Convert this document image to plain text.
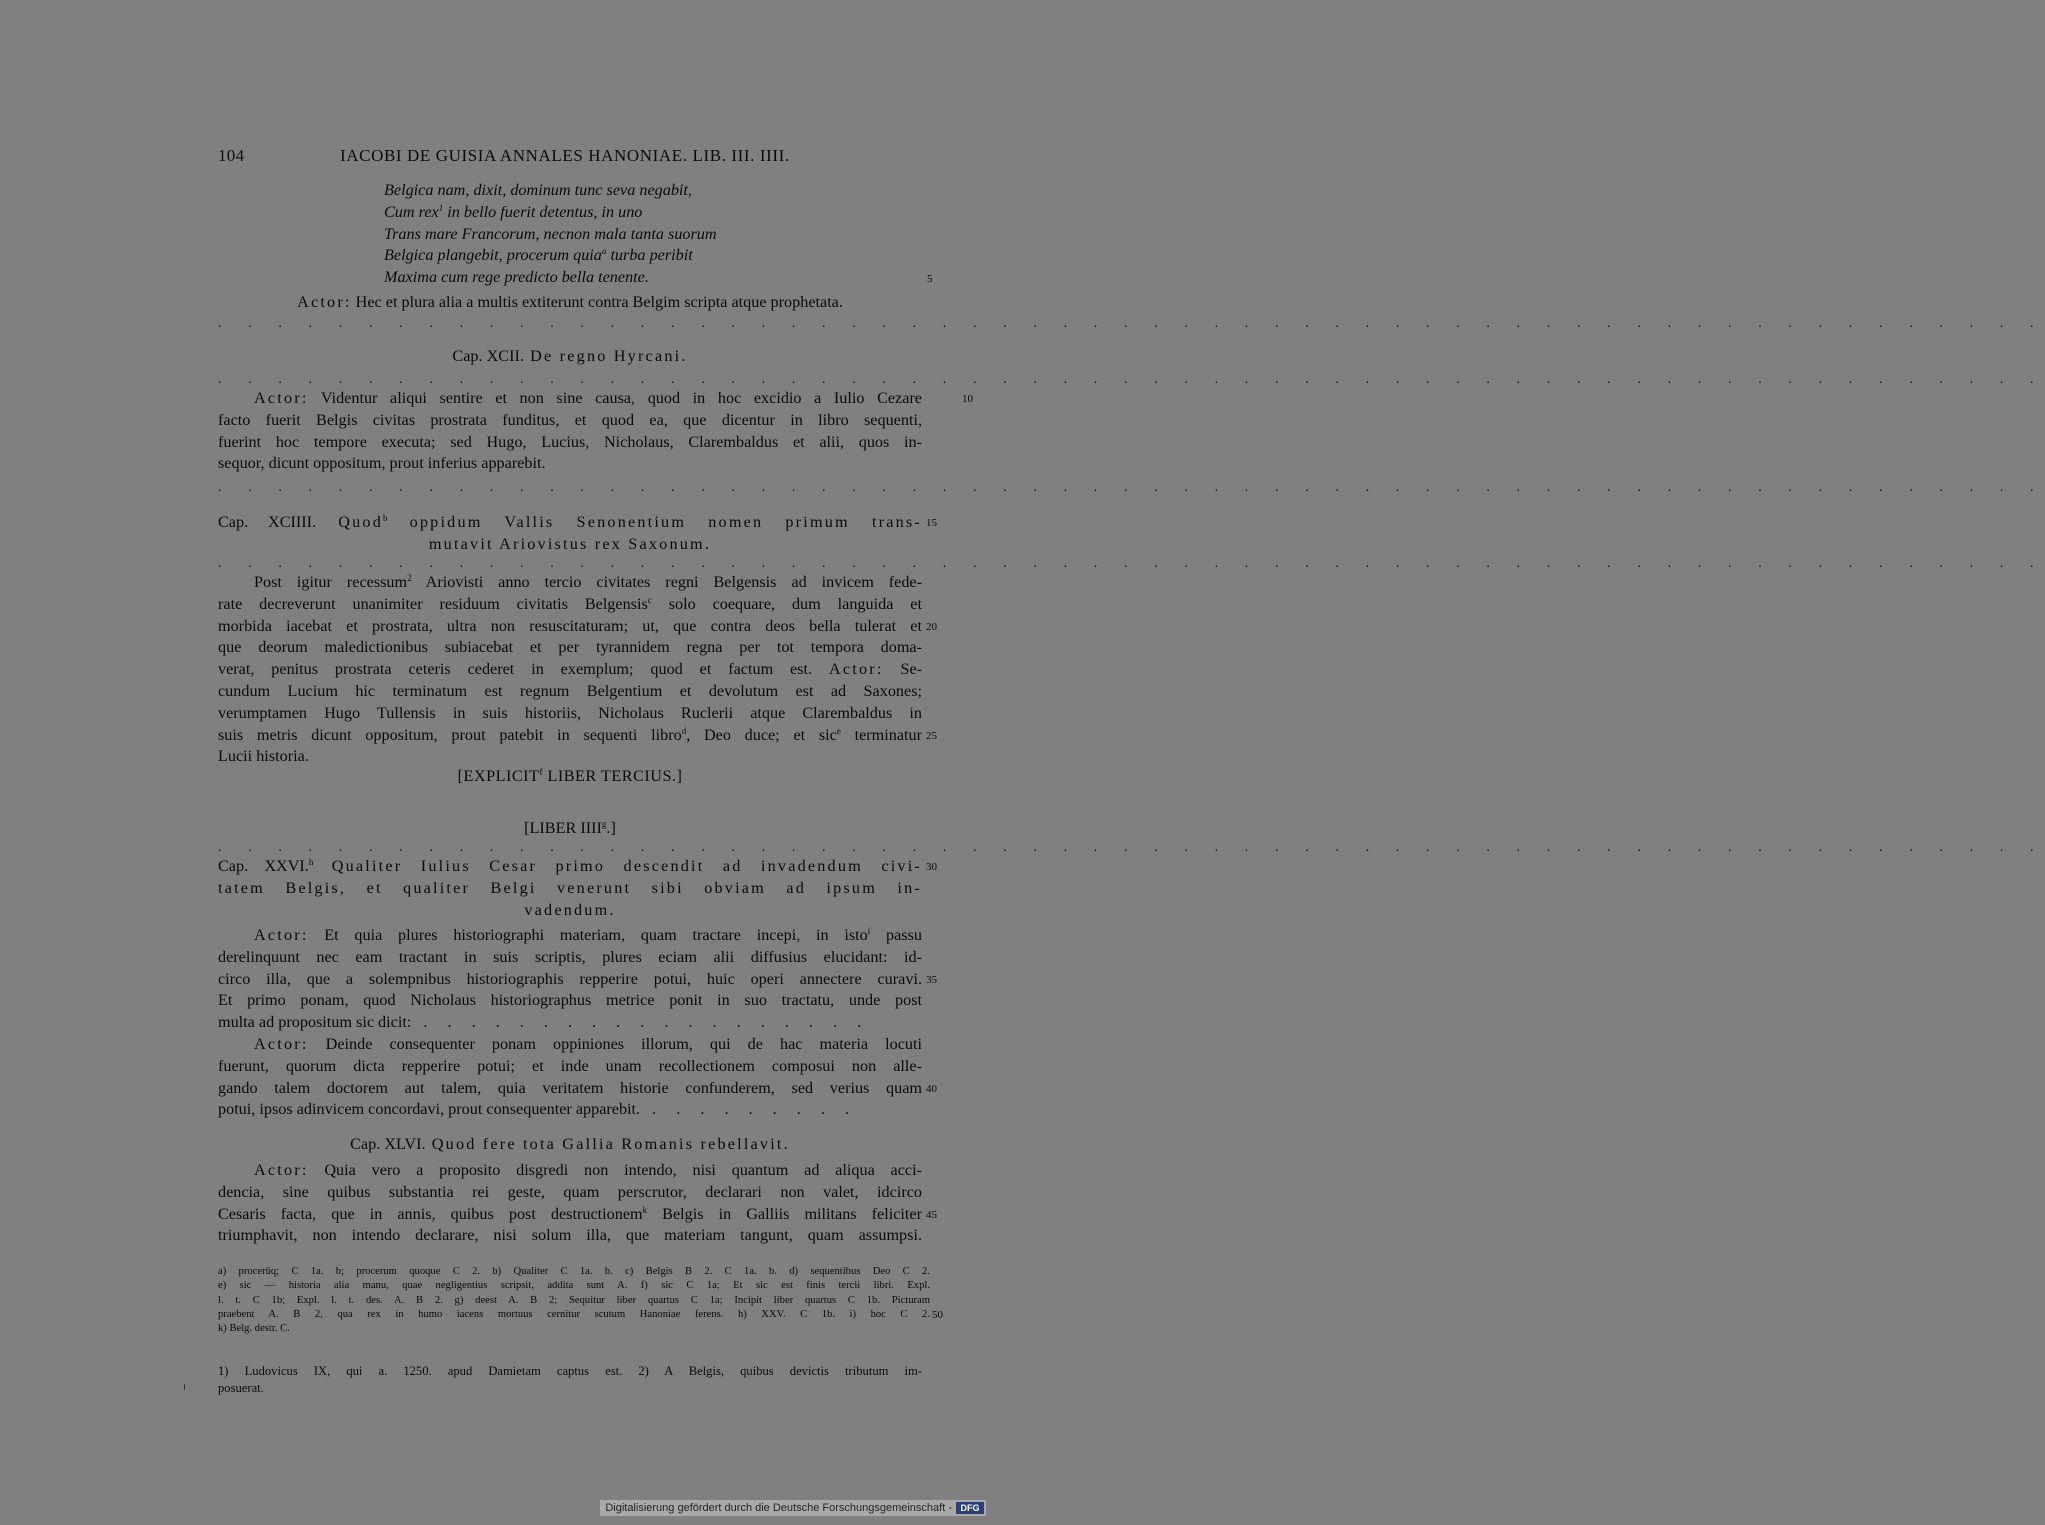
104	IACOBI DE GUISIA ANNALES HANONIAE. LIB. III. IIII.
Belgica nam, dixit, dominum tunc seva negabit,
Cum rex$^1$ in bello fuerit detentus, in uno
Trans mare Francorum, necnon mala tanta suorum
Belgica plangebit, procerum quia$^a$ turba peribit
Maxima cum rege predicto bella tenente.	5
Actor: Hec et plura alia a multis extiterunt contra Belgim scripta atque prophetata.
. . . . . . . . . . . . . . . . . . . . . . . . . . . . . . . . . . . . . . . . . . . . . . . . . . . . . . . . . . . . .
Cap. XCII. De regno Hyrcani.
. . . . . . . . . . . . . . . . . . . . . . . . . . . . . . . . . . . . . . . . . . . . . . . . . . . . . . . . . . . . .
Actor: Videntur aliqui sentire et non sine causa, quod in hoc excidio a Iulio Cezare	10
facto fuerit Belgis civitas prostrata funditus, et quod ea, que dicentur in libro sequenti,
fuerint hoc tempore executa; sed Hugo, Lucius, Nicholaus, Clarembaldus et alii, quos in-
sequor, dicunt oppositum, prout inferius apparebit.
. . . . . . . . . . . . . . . . . . . . . . . . . . . . . . . . . . . . . . . . . . . . . . . . . . . . . . . . . . . . .
Cap. XCIIII. Quod$^b$ oppidum Vallis Senonentium nomen primum trans- 15
mutavit Ariovistus rex Saxonum.
. . . . . . . . . . . . . . . . . . . . . . . . . . . . . . . . . . . . . . . . . . . . . . . . . . . . . . . . . . . . .
Post igitur recessum$^2$ Ariovisti anno tercio civitates regni Belgensis ad invicem fede-
rate decreverunt unanimiter residuum civitatis Belgensis$^c$ solo coequare, dum languida et
morbida iacebat et prostrata, ultra non resuscitaturam; ut, que contra deos bella tulerat et 20
que deorum maledictionibus subiacebat et per tyrannidem regna per tot tempora doma-
verat, penitus prostrata ceteris cederet in exemplum; quod et factum est. Actor: Se-
cundum Lucium hic terminatum est regnum Belgentium et devolutum est ad Saxones;
verumptamen Hugo Tullensis in suis historiis, Nicholaus Ruclerii atque Clarembaldus in
suis metris dicunt oppositum, prout patebit in sequenti libro$^d$, Deo duce; et sic$^e$ terminatur 25
Lucii historia.
[EXPLICIT$^f$ LIBER TERCIUS.]
[LIBER IIII$^g$.]
. . . . . . . . . . . . . . . . . . . . . . . . . . . . . . . . . . . . . . . . . . . . . . . . . . . . . . . . . . . . .
Cap. XXVI.$^h$ Qualiter Iulius Cesar primo descendit ad invadendum civi- 30
tatem Belgis, et qualiter Belgi venerunt sibi obviam ad ipsum in-
vadendum.
Actor: Et quia plures historiographi materiam, quam tractare incepi, in isto$^i$ passu
derelinquunt nec eam tractant in suis scriptis, plures eciam alii diffusius elucidant: id-
circo illa, que a solempnibus historiographis repperire potui, huic operi annectere curavi. 35
Et primo ponam, quod Nicholaus historiographus metrice ponit in suo tractatu, unde post
multa ad propositum sic dicit: . . . . . . . . . . . . . . . . . . .
Actor: Deinde consequenter ponam oppiniones illorum, qui de hac materia locuti
fuerunt, quorum dicta repperire potui; et inde unam recollectionem composui non alle-
gando talem doctorem aut talem, quia veritatem historie confunderem, sed verius quam 40
potui, ipsos adinvicem concordavi, prout consequenter apparebit. . . . . . . . . .
Cap. XLVI. Quod fere tota Gallia Romanis rebellavit.
Actor: Quia vero a proposito disgredi non intendo, nisi quantum ad aliqua acci-
dencia, sine quibus substantia rei geste, quam perscrutor, declarari non valet, idcirco
Cesaris facta, que in annis, quibus post destructionem$^k$ Belgis in Galliis militans feliciter 45
triumphavit, non intendo declarare, nisi solum illa, que materiam tangunt, quam assumpsi.
a) procerūq; C 1a. b; procerum quoque C 2. b) Qualiter C 1a. b. c) Belgis B 2. C 1a. b. d) sequentibus Deo C 2.
e) sic — historia alia manu, quae negligentius scripsit, addita sunt A. f) sic C 1a; Et sic est finis tercii libri. Expl.
l. t. C 1b; Expl. l. t. des. A. B 2. g) deest A. B 2; Sequitur liber quartus C 1a; Incipit liber quartus C 1b. Picturam
praebent A. B 2, qua rex in humo iacens mortuus cernitur scutum Hanoniae ferens. h) XXV. C 1b. i) hoc C 2. 50
k) Belg. destr. C.
1) Ludovicus IX, qui a. 1250. apud Damietam captus est. 2) A Belgis, quibus devictis tributum im-
posuerat.
Digitalisierung gefördert durch die Deutsche Forschungsgemeinschaft - DFG
